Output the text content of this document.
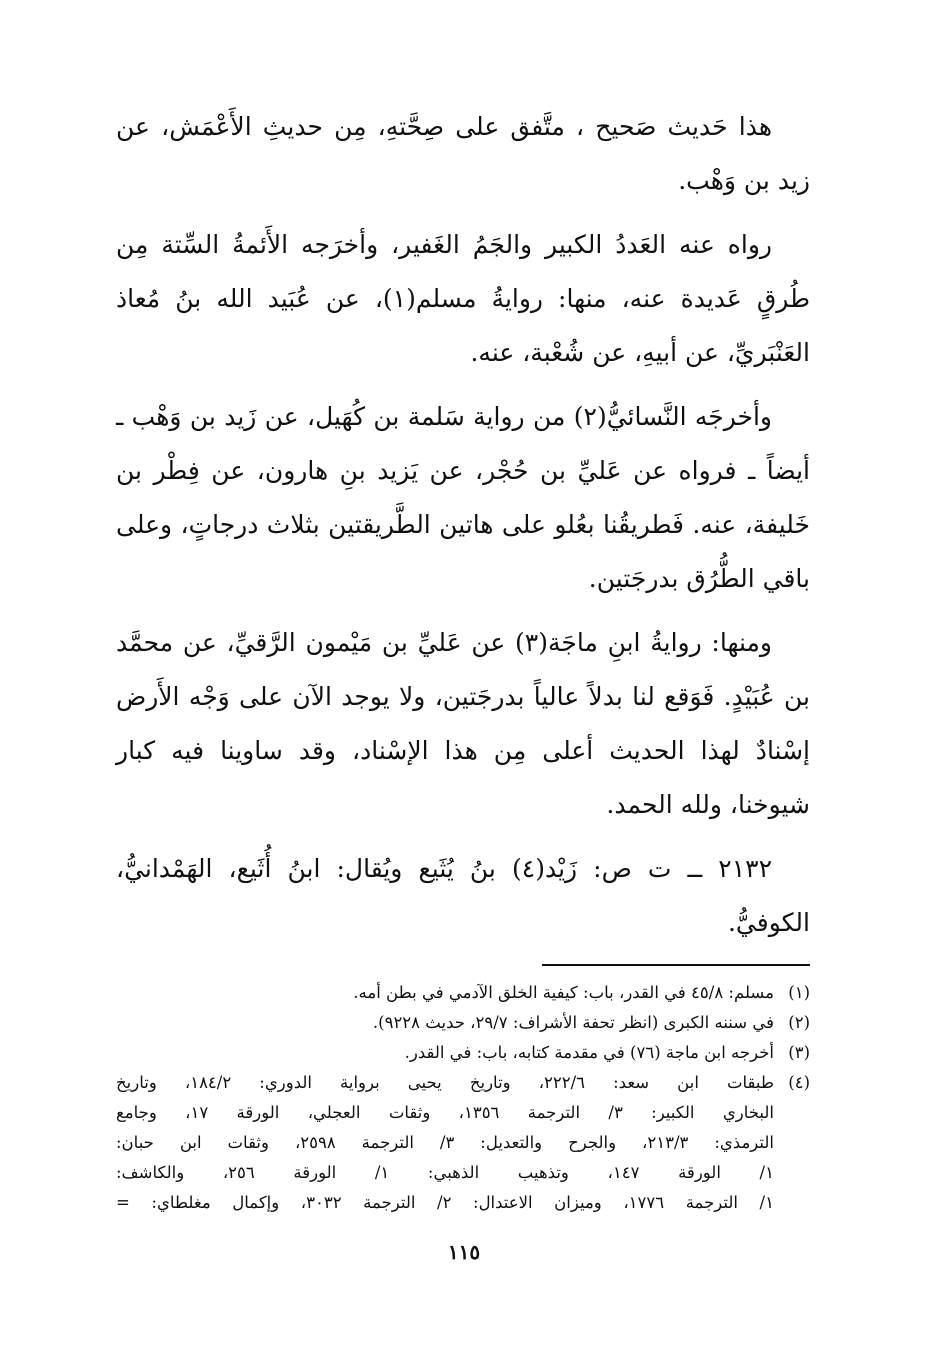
هذا حَديث صَحيح ، متَّفق على صِحَّتهِ، مِن حديثِ الأَعْمَش، عن زيد بن وَهْب.

رواه عنه العَددُ الكبير والجَمُ الغَفير، وأخرَجه الأَئمةُ السِّتة مِن طُرقٍ عَديدة عنه، منها: روايةُ مسلم(١)، عن عُبَيد الله بنُ مُعاذ العَنْبَريِّ، عن أبيهِ، عن شُعْبة، عنه.

وأخرجَه النَّسائيُّ(٢) من رواية سَلمة بن كُهَيل، عن زَيد بن وَهْب ـ أيضاً ـ فرواه عن عَليِّ بن حُجْر، عن يَزيد بنِ هارون، عن فِطْر بن خَليفة، عنه. فَطريقُنا بعُلو على هاتين الطَّريقتين بثلاث درجاتٍ، وعلى باقي الطُّرُق بدرجَتين.

ومنها: روايةُ ابنِ ماجَة(٣) عن عَليِّ بن مَيْمون الرَّقيِّ، عن محمَّد بن عُبَيْدٍ. فَوَقع لنا بدلاً عالياً بدرجَتين، ولا يوجد الآن على وَجْه الأَرض إسْنادٌ لهذا الحديث أعلى مِن هذا الإسْناد، وقد ساوينا فيه كبار شيوخنا، ولله الحمد.

٢١٣٢ ــ ت ص: زَيْد(٤) بنُ يُثَيع ويُقال: ابنُ أُثَيع، الهَمْدانيُّ، الكوفيُّ.

(١)
مسلم: ٤٥/٨ في القدر، باب: كيفية الخلق الآدمي في بطن أمه.
(٢)
في سننه الكبرى (انظر تحفة الأشراف: ٢٩/٧، حديث ٩٢٢٨).
(٣)
أخرجه ابن ماجة (٧٦) في مقدمة كتابه، باب: في القدر.
(٤)
طبقات ابن سعد: ٢٢٢/٦، وتاريخ يحيى برواية الدوري: ١٨٤/٢، وتاريخ
البخاري الكبير: ٣/ الترجمة ١٣٥٦، وثقات العجلي، الورقة ١٧، وجامع
الترمذي: ٢١٣/٣، والجرح والتعديل: ٣/ الترجمة ٢٥٩٨، وثقات ابن حبان:
١/ الورقة ١٤٧، وتذهيب الذهبي: ١/ الورقة ٢٥٦، والكاشف:
١/ الترجمة ١٧٧٦، وميزان الاعتدال: ٢/ الترجمة ٣٠٣٢، وإكمال مغلطاي: =
١١٥
